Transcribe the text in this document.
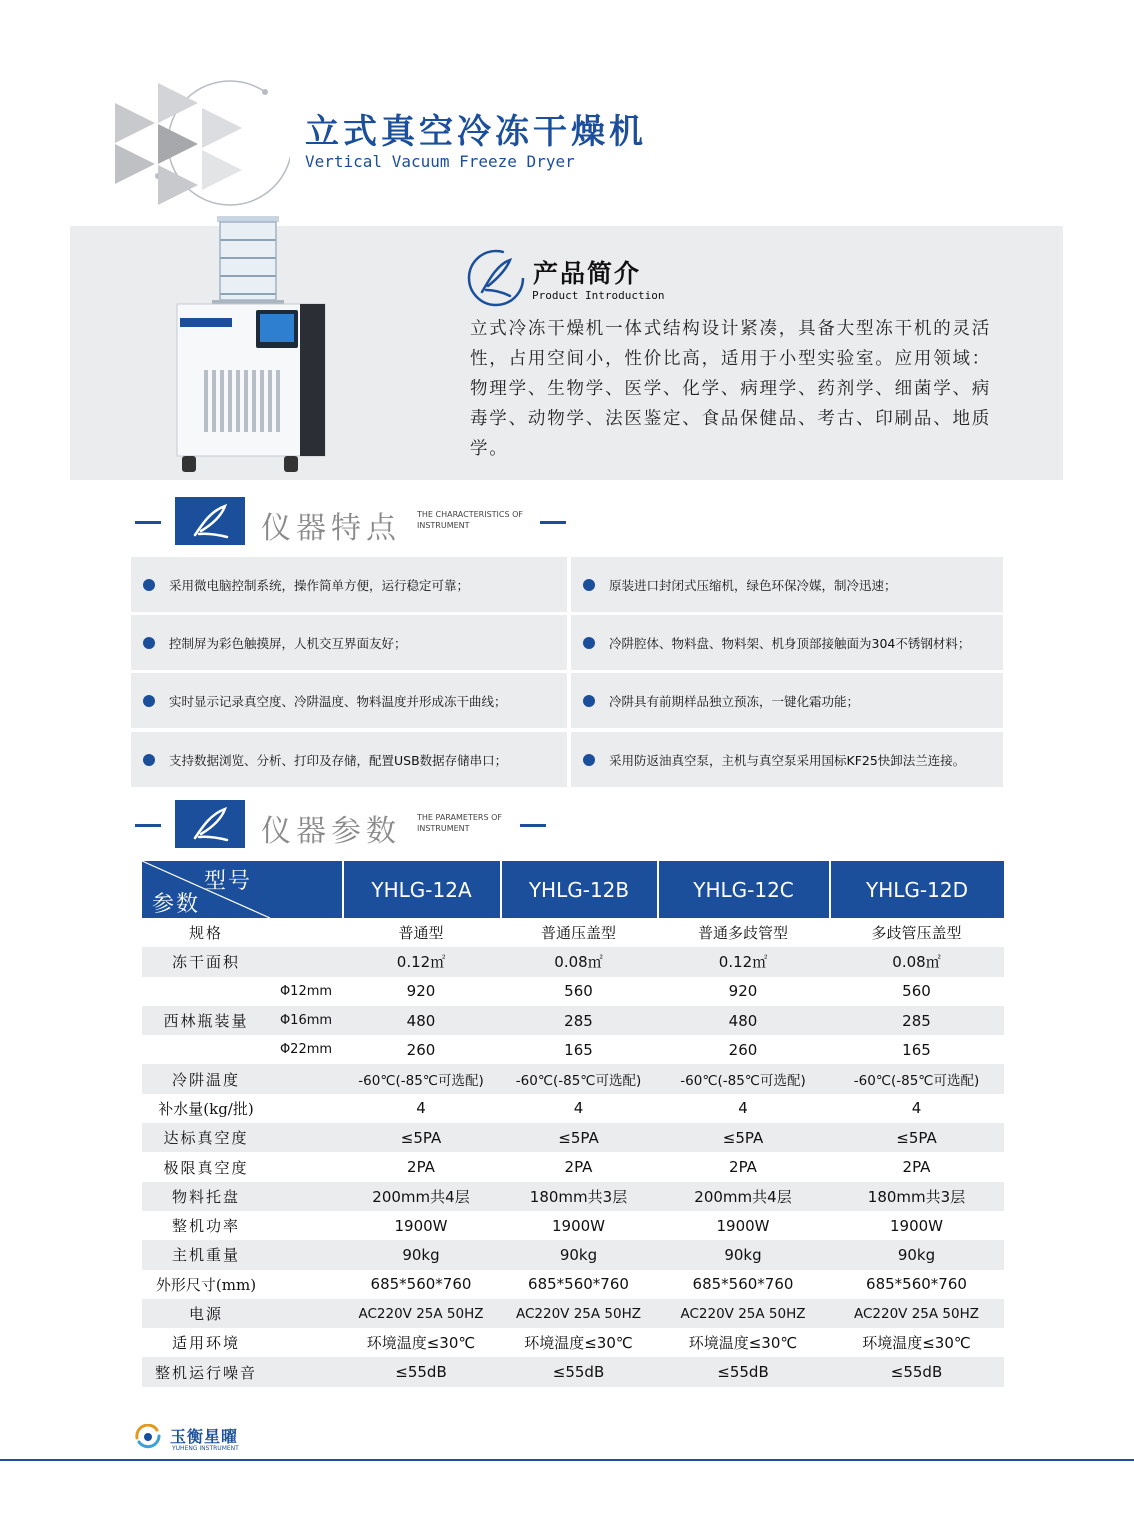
立式真空冷冻干燥机
Vertical Vacuum Freeze Dryer
产品简介
Product Introduction
立式冷冻干燥机一体式结构设计紧凑，具备大型冻干机的灵活性，占用空间小，性价比高，适用于小型实验室。应用领域：物理学、生物学、医学、化学、病理学、药剂学、细菌学、病毒学、动物学、法医鉴定、食品保健品、考古、印刷品、地质学。
仪器特点 THE CHARACTERISTICS OF INSTRUMENT
采用微电脑控制系统，操作简单方便，运行稳定可靠；	原装进口封闭式压缩机，绿色环保冷媒，制冷迅速；
控制屏为彩色触摸屏，人机交互界面友好；	冷阱腔体、物料盘、物料架、机身顶部接触面为304不锈钢材料；
实时显示记录真空度、冷阱温度、物料温度并形成冻干曲线；	冷阱具有前期样品独立预冻，一键化霜功能；
支持数据浏览、分析、打印及存储，配置USB数据存储串口；	采用防返油真空泵，主机与真空泵采用国标KF25快卸法兰连接。
仪器参数 THE PARAMETERS OF INSTRUMENT
型号
参数
YHLG-12A	YHLG-12B	YHLG-12C	YHLG-12D
规格	普通型	普通压盖型	普通多歧管型	多歧管压盖型
冻干面积	0.12㎡	0.08㎡	0.12㎡	0.08㎡
Φ12mm	920	560	920	560
西林瓶装量	Φ16mm	480	285	480	285
Φ22mm	260	165	260	165
冷阱温度	-60℃(-85℃可选配)	-60℃(-85℃可选配)	-60℃(-85℃可选配)	-60℃(-85℃可选配)
补水量(kg/批)	4	4	4	4
达标真空度	≤5PA	≤5PA	≤5PA	≤5PA
极限真空度	2PA	2PA	2PA	2PA
物料托盘	200mm共4层	180mm共3层	200mm共4层	180mm共3层
整机功率	1900W	1900W	1900W	1900W
主机重量	90kg	90kg	90kg	90kg
外形尺寸(mm)	685*560*760	685*560*760	685*560*760	685*560*760
电源	AC220V 25A 50HZ	AC220V 25A 50HZ	AC220V 25A 50HZ	AC220V 25A 50HZ
适用环境	环境温度≤30℃	环境温度≤30℃	环境温度≤30℃	环境温度≤30℃
整机运行噪音	≤55dB	≤55dB	≤55dB	≤55dB
玉衡星曜
YUHENG INSTRUMENT
